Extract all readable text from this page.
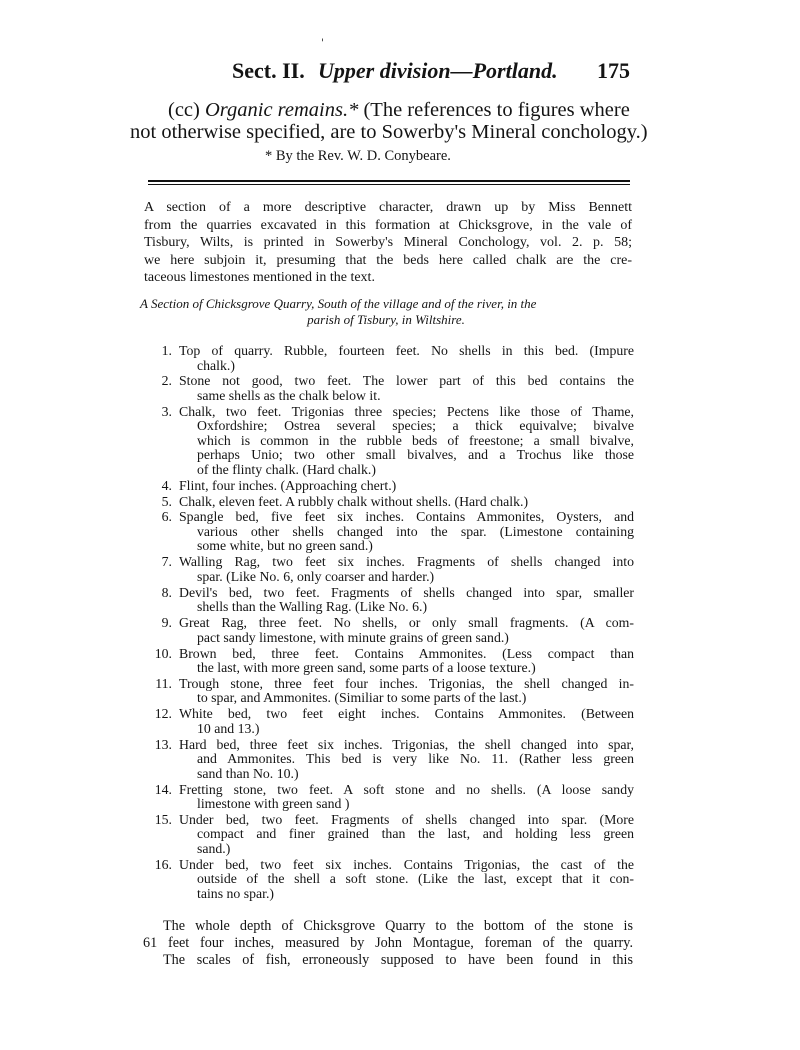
'
Sect. II. Upper division—Portland. 175
(cc) Organic remains.* (The references to figures where
not otherwise specified, are to Sowerby's Mineral conchology.)
* By the Rev. W. D. Conybeare.
A section of a more descriptive character, drawn up by Miss Bennett
from the quarries excavated in this formation at Chicksgrove, in the vale of
Tisbury, Wilts, is printed in Sowerby's Mineral Conchology, vol. 2. p. 58;
we here subjoin it, presuming that the beds here called chalk are the cre-
taceous limestones mentioned in the text.
A Section of Chicksgrove Quarry, South of the village and of the river, in the
parish of Tisbury, in Wiltshire.
1. Top of quarry. Rubble, fourteen feet. No shells in this bed. (Impure
chalk.)
2. Stone not good, two feet. The lower part of this bed contains the
same shells as the chalk below it.
3. Chalk, two feet. Trigonias three species; Pectens like those of Thame,
Oxfordshire; Ostrea several species; a thick equivalve; bivalve
which is common in the rubble beds of freestone; a small bivalve,
perhaps Unio; two other small bivalves, and a Trochus like those
of the flinty chalk. (Hard chalk.)
4. Flint, four inches. (Approaching chert.)
5. Chalk, eleven feet. A rubbly chalk without shells. (Hard chalk.)
6. Spangle bed, five feet six inches. Contains Ammonites, Oysters, and
various other shells changed into the spar. (Limestone containing
some white, but no green sand.)
7. Walling Rag, two feet six inches. Fragments of shells changed into
spar. (Like No. 6, only coarser and harder.)
8. Devil's bed, two feet. Fragments of shells changed into spar, smaller
shells than the Walling Rag. (Like No. 6.)
9. Great Rag, three feet. No shells, or only small fragments. (A com-
pact sandy limestone, with minute grains of green sand.)
10. Brown bed, three feet. Contains Ammonites. (Less compact than
the last, with more green sand, some parts of a loose texture.)
11. Trough stone, three feet four inches. Trigonias, the shell changed in-
to spar, and Ammonites. (Similiar to some parts of the last.)
12. White bed, two feet eight inches. Contains Ammonites. (Between
10 and 13.)
13. Hard bed, three feet six inches. Trigonias, the shell changed into spar,
and Ammonites. This bed is very like No. 11. (Rather less green
sand than No. 10.)
14. Fretting stone, two feet. A soft stone and no shells. (A loose sandy
limestone with green sand )
15. Under bed, two feet. Fragments of shells changed into spar. (More
compact and finer grained than the last, and holding less green
sand.)
16. Under bed, two feet six inches. Contains Trigonias, the cast of the
outside of the shell a soft stone. (Like the last, except that it con-
tains no spar.)
The whole depth of Chicksgrove Quarry to the bottom of the stone is
61 feet four inches, measured by John Montague, foreman of the quarry.
The scales of fish, erroneously supposed to have been found in this
